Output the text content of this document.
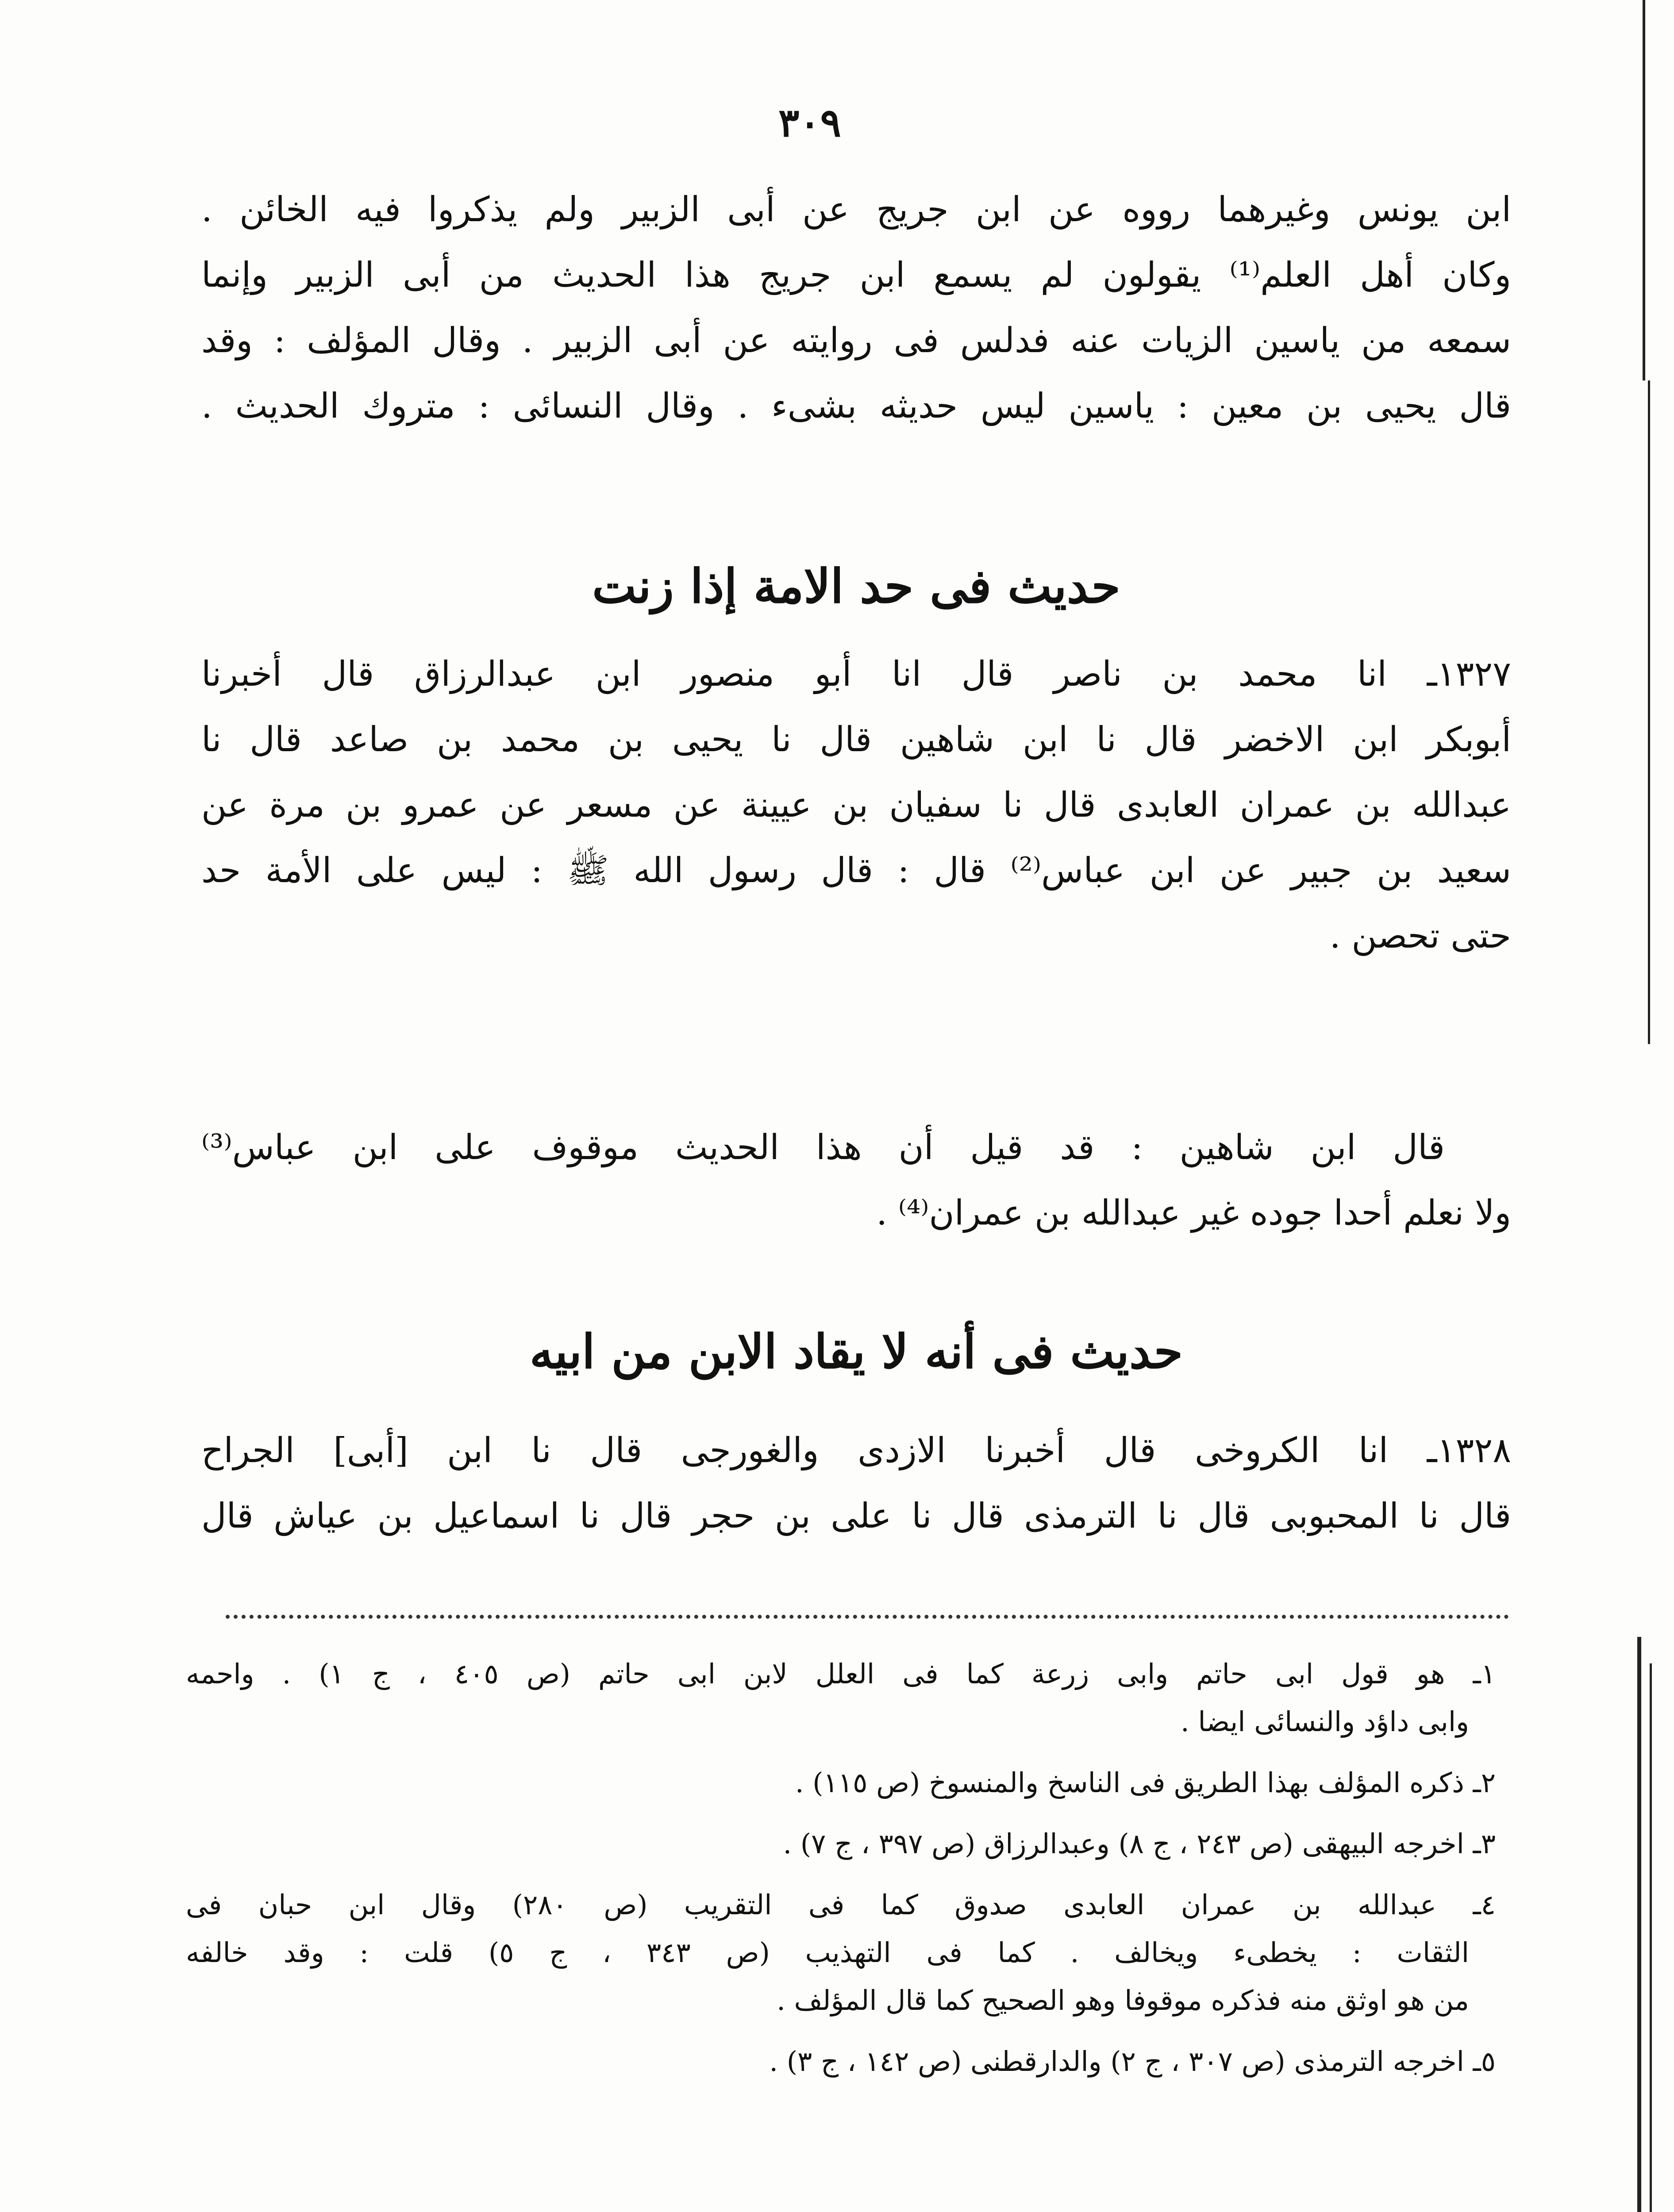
٣٠٩
ابن يونس وغيرهما رووه عن ابن جريج عن أبى الزبير ولم يذكروا فيه الخائن .
وكان أهل العلم⁽¹⁾ يقولون لم يسمع ابن جريج هذا الحديث من أبى الزبير وإنما
سمعه من ياسين الزيات عنه فدلس فى روايته عن أبى الزبير . وقال المؤلف : وقد
قال يحيى بن معين : ياسين ليس حديثه بشىء . وقال النسائى : متروك الحديث .
حديث فى حد الامة إذا زنت
١٣٢٧ـ انا محمد بن ناصر قال انا أبو منصور ابن عبدالرزاق قال أخبرنا
أبوبكر ابن الاخضر قال نا ابن شاهين قال نا يحيى بن محمد بن صاعد قال نا
عبدالله بن عمران العابدى قال نا سفيان بن عيينة عن مسعر عن عمرو بن مرة عن
سعيد بن جبير عن ابن عباس⁽²⁾ قال : قال رسول الله ﷺ : ليس على الأمة حد
حتى تحصن .
قال ابن شاهين : قد قيل أن هذا الحديث موقوف على ابن عباس⁽³⁾
ولا نعلم أحدا جوده غير عبدالله بن عمران⁽⁴⁾ .
حديث فى أنه لا يقاد الابن من ابيه
١٣٢٨ـ انا الكروخى قال أخبرنا الازدى والغورجى قال نا ابن [أبى] الجراح
قال نا المحبوبى قال نا الترمذى قال نا على بن حجر قال نا اسماعيل بن عياش قال
١ـ هو قول ابى حاتم وابى زرعة كما فى العلل لابن ابى حاتم (ص ٤٠٥ ، ج ١) . واحمه
وابى داؤد والنسائى ايضا .
٢ـ ذكره المؤلف بهذا الطريق فى الناسخ والمنسوخ (ص ١١٥) .
٣ـ اخرجه البيهقى (ص ٢٤٣ ، ج ٨) وعبدالرزاق (ص ٣٩٧ ، ج ٧) .
٤ـ عبدالله بن عمران العابدى صدوق كما فى التقريب (ص ٢٨٠) وقال ابن حبان فى
الثقات : يخطىء ويخالف . كما فى التهذيب (ص ٣٤٣ ، ج ٥) قلت : وقد خالفه
من هو اوثق منه فذكره موقوفا وهو الصحيح كما قال المؤلف .
٥ـ اخرجه الترمذى (ص ٣٠٧ ، ج ٢) والدارقطنى (ص ١٤٢ ، ج ٣) .
